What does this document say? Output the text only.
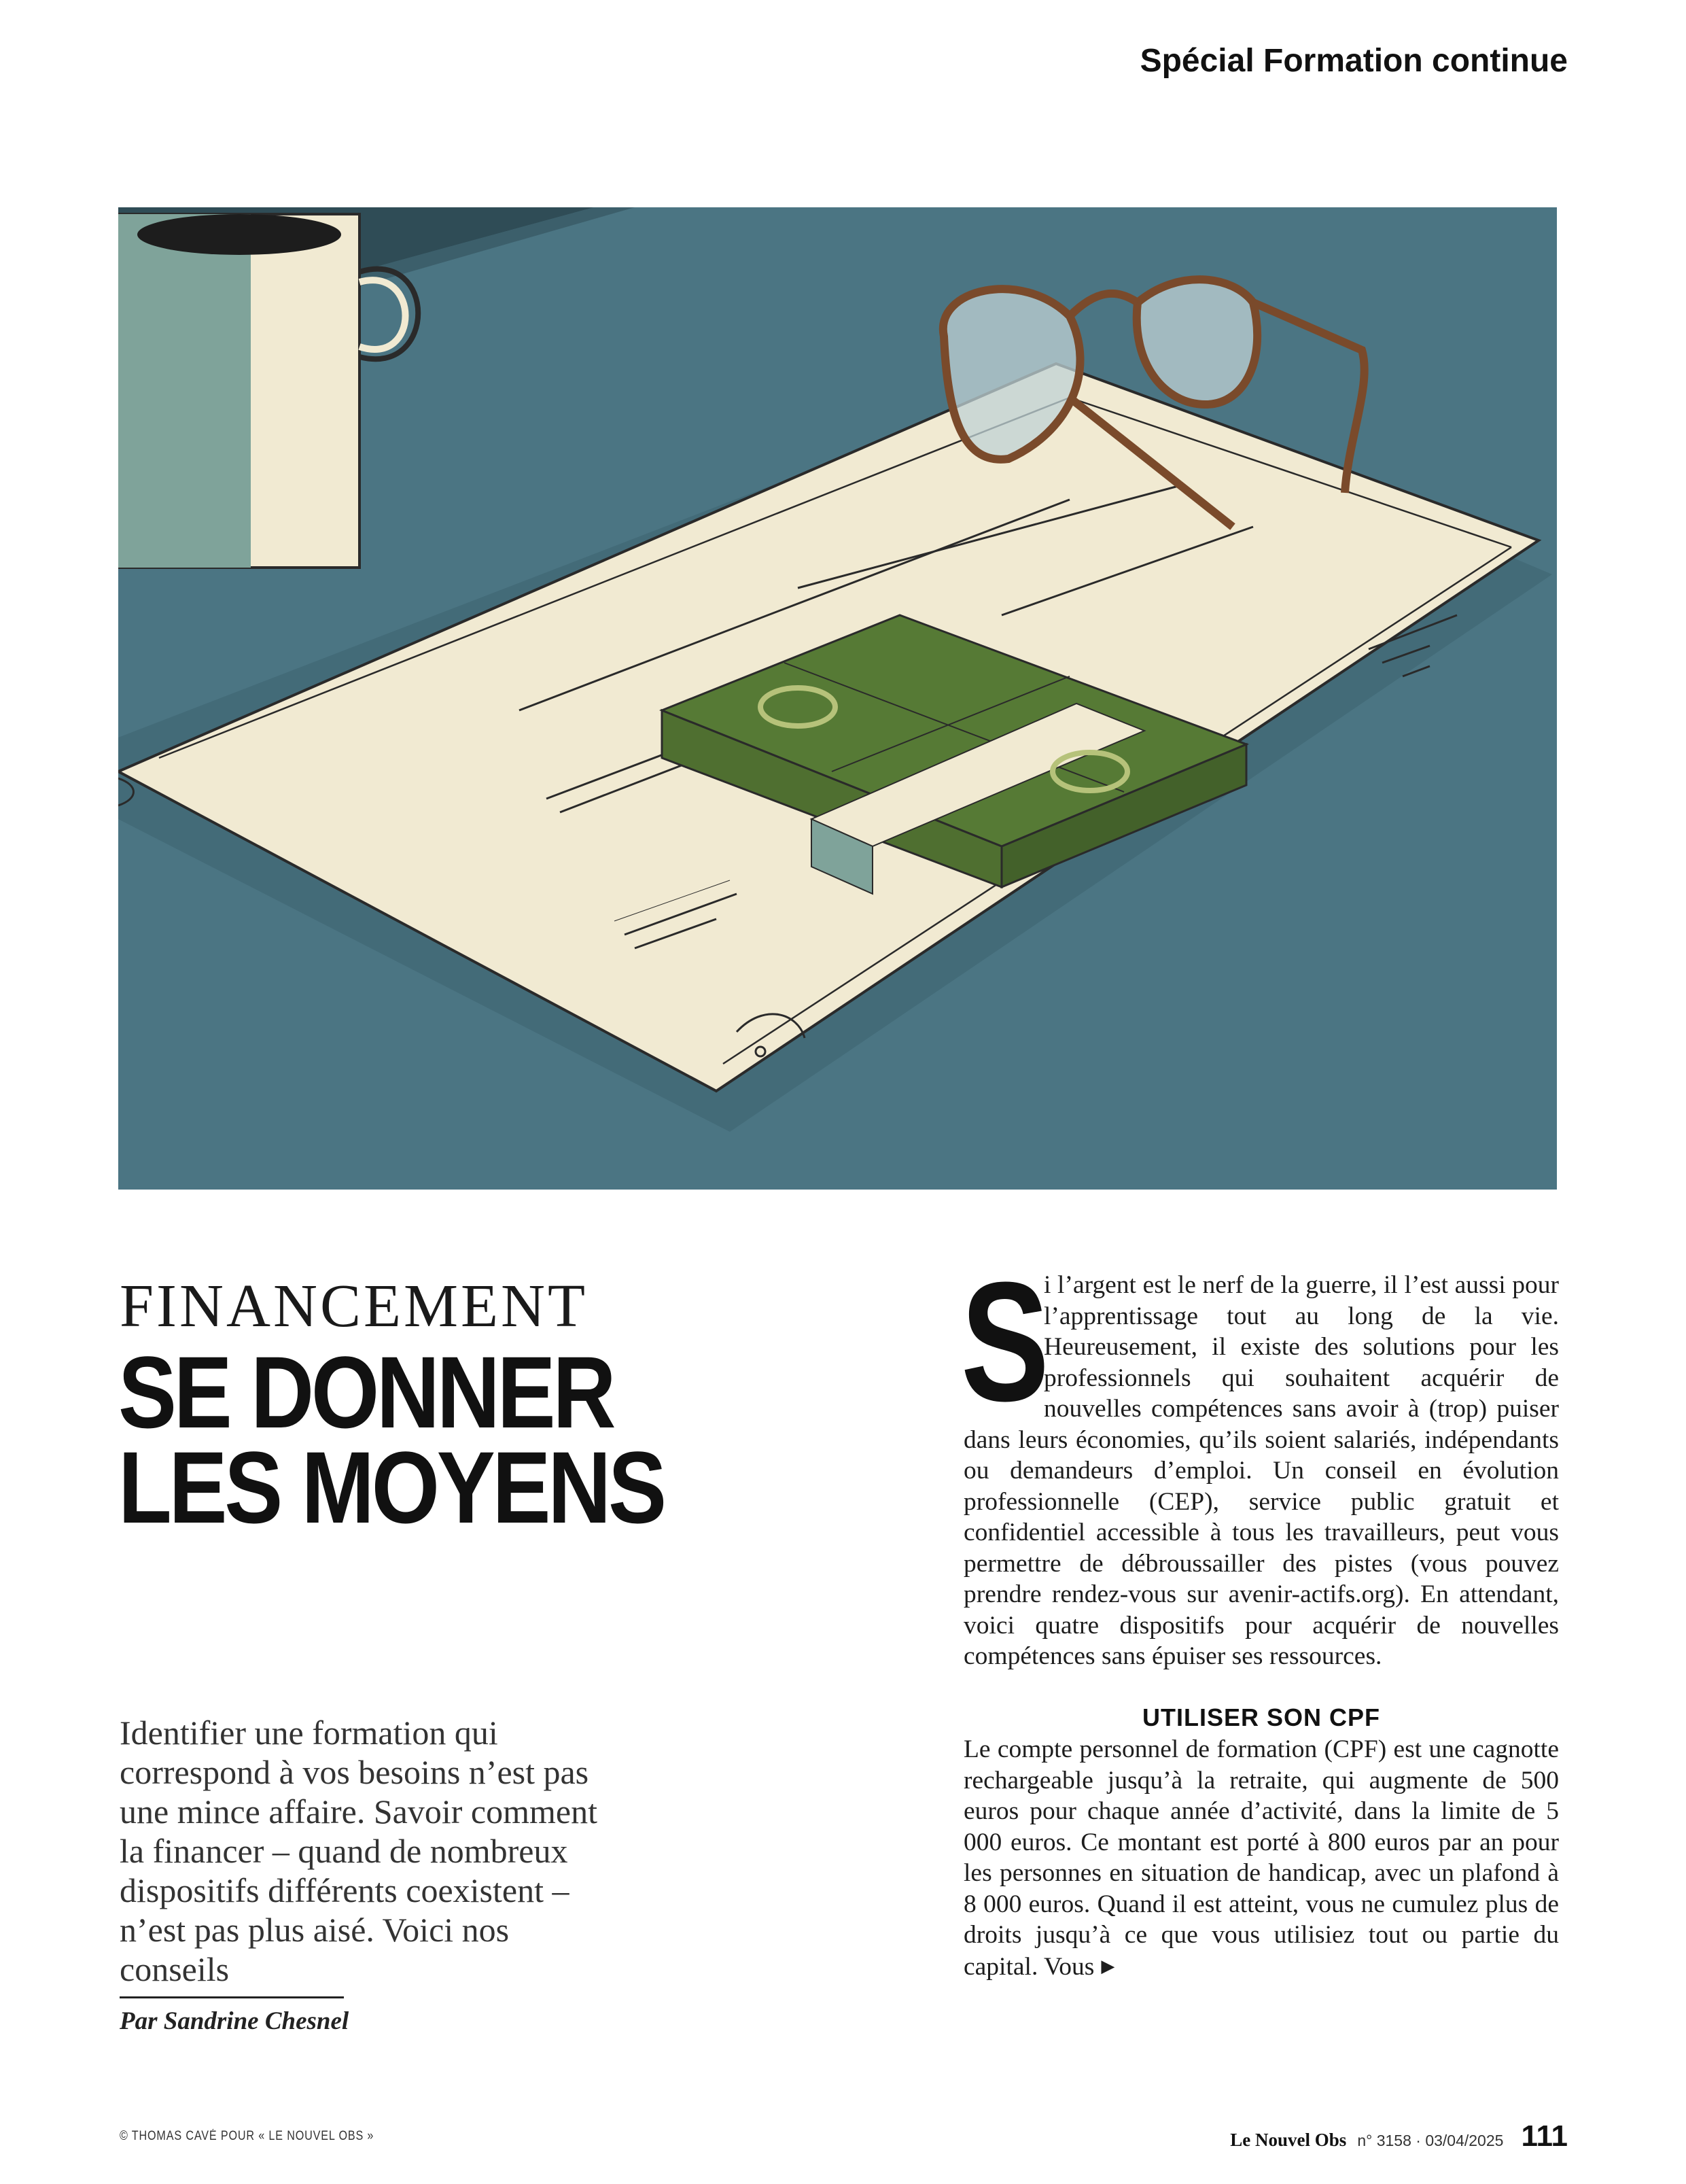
Spécial Formation continue
FINANCEMENT
SE DONNER
LES MOYENS
Identifier une formation qui correspond à vos besoins n’est pas une mince affaire. Savoir comment la financer – quand de nombreux dispositifs différents coexistent – n’est pas plus aisé. Voici nos conseils
Par Sandrine Chesnel
S

i l’argent est le nerf de la guerre, il l’est aussi pour l’apprentissage tout au long de la vie. Heureusement, il existe des solutions pour les professionnels qui souhaitent acquérir de nouvelles compétences sans avoir à (trop) puiser dans leurs économies, qu’ils soient salariés, indépendants ou demandeurs d’emploi. Un conseil en évolution professionnelle (CEP), service public gratuit et confidentiel accessible à tous les travailleurs, peut vous permettre de débroussailler des pistes (vous pouvez prendre rendez-vous sur avenir-actifs.org). En attendant, voici quatre dispositifs pour acquérir de nouvelles compétences sans épuiser ses ressources.

UTILISER SON CPF

Le compte personnel de formation (CPF) est une cagnotte rechargeable jusqu’à la retraite, qui augmente de 500 euros pour chaque année d’activité, dans la limite de 5 000 euros. Ce montant est porté à 800 euros par an pour les personnes en situation de handicap, avec un plafond à 8 000 euros. Quand il est atteint, vous ne cumulez plus de droits jusqu’à ce que vous utilisiez tout ou partie du capital. Vous ▶

© THOMAS CAVÉ POUR « LE NOUVEL OBS »	Le Nouvel Obs n° 3158 · 03/04/2025 111
